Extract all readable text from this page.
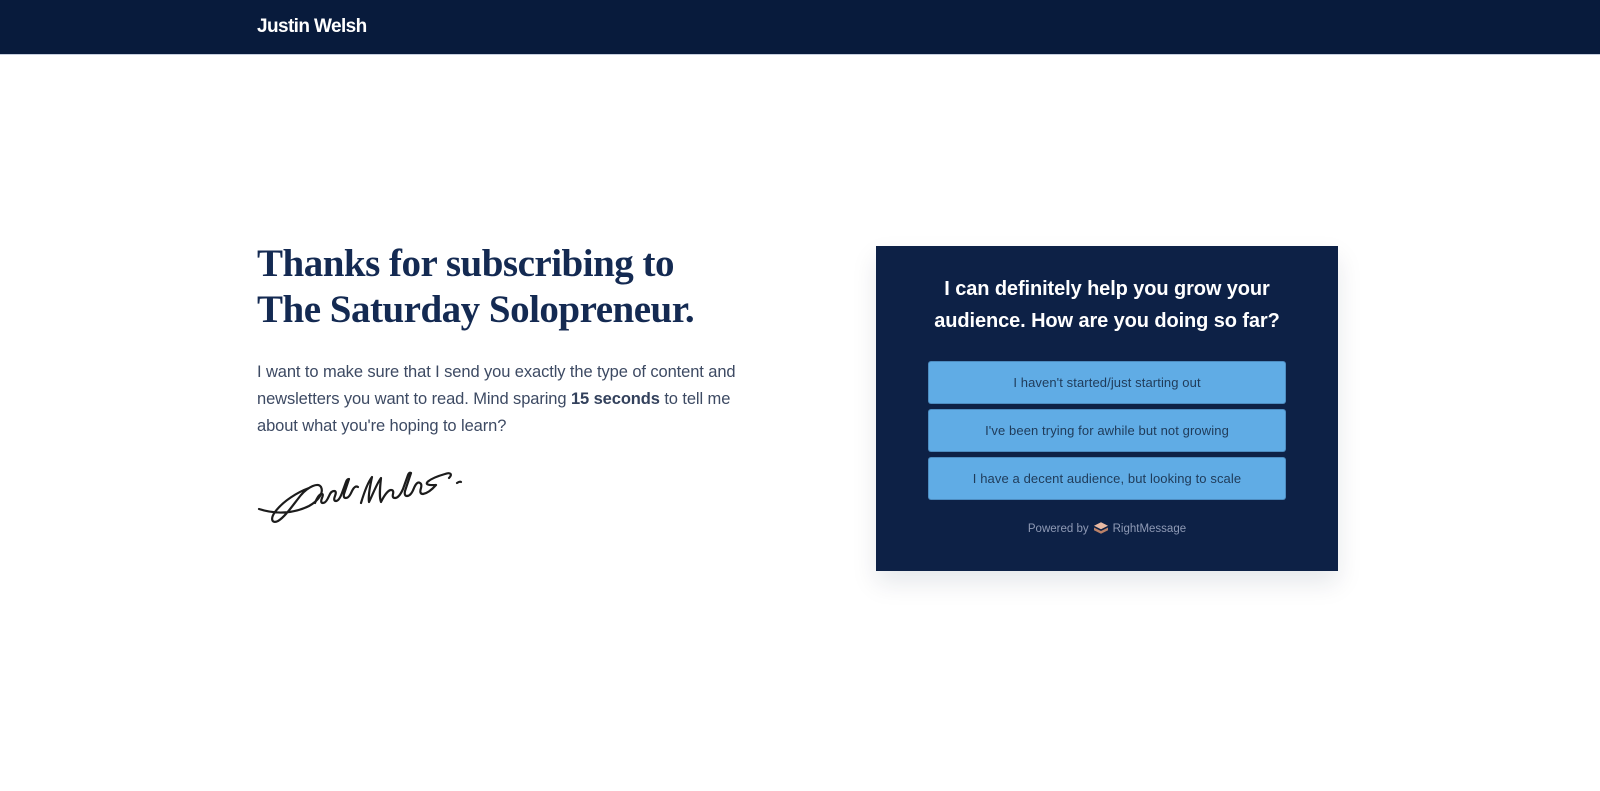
Justin Welsh
Thanks for subscribing to
The Saturday Solopreneur.

I want to make sure that I send you exactly the type of content and newsletters you want to read. Mind sparing 15 seconds to tell me about what you're hoping to learn?

I can definitely help you grow your audience. How are you doing so far?
I haven't started/just starting out
I've been trying for awhile but not growing
I have a decent audience, but looking to scale
Powered by RightMessage
